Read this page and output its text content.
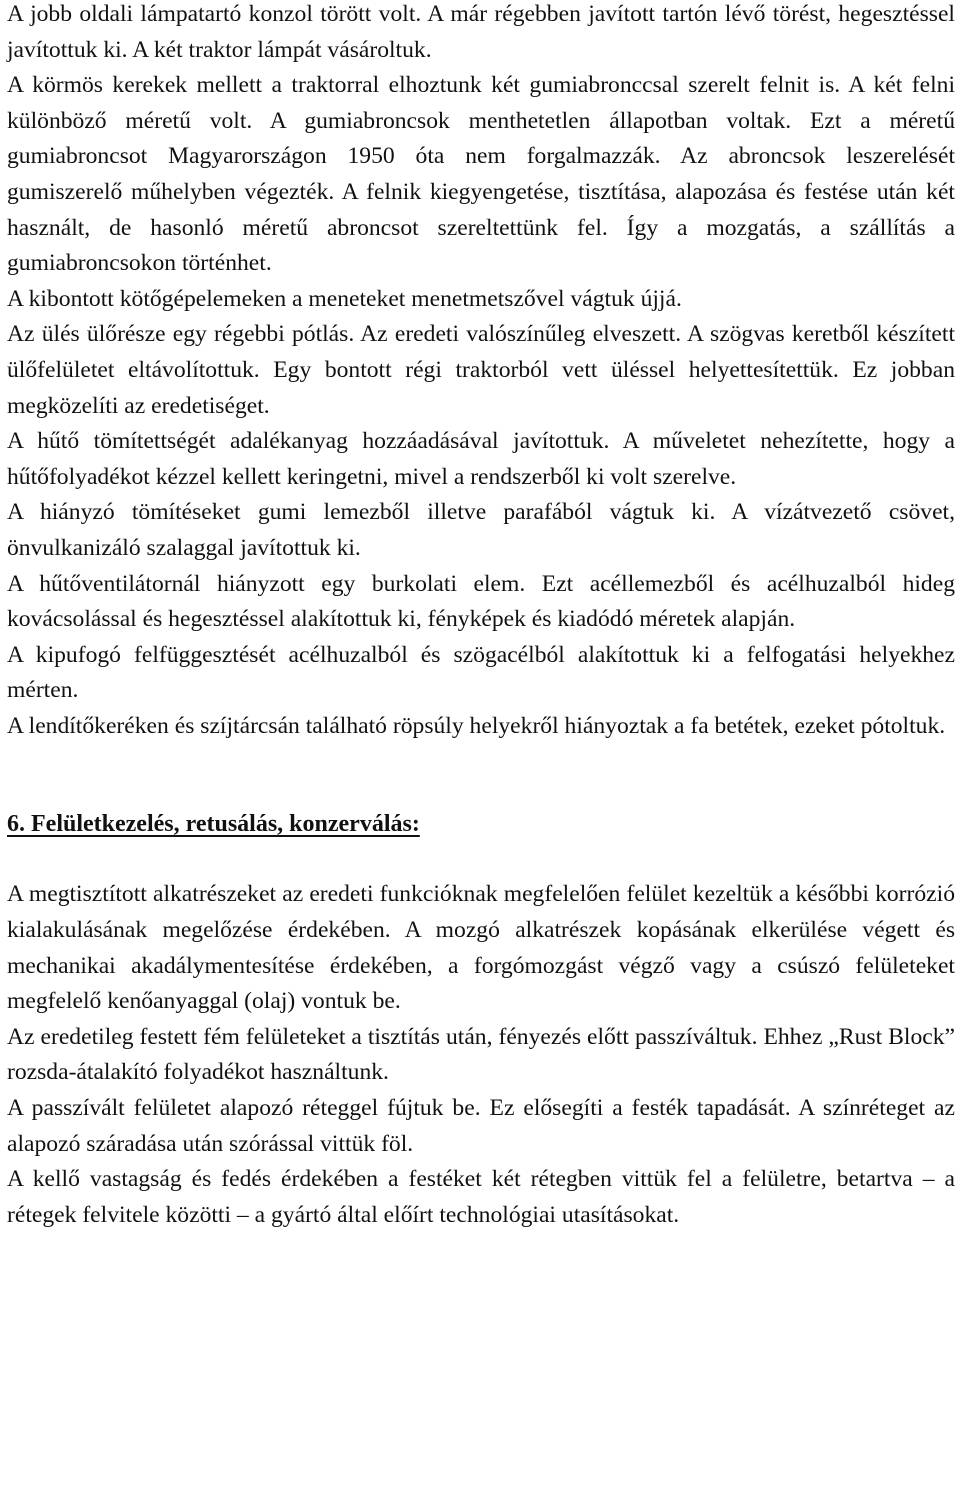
A jobb oldali lámpatartó konzol törött volt. A már régebben javított tartón lévő törést, hegesztéssel javítottuk ki. A két traktor lámpát vásároltuk.

A körmös kerekek mellett a traktorral elhoztunk két gumiabronccsal szerelt felnit is. A két felni különböző méretű volt. A gumiabroncsok menthetetlen állapotban voltak. Ezt a méretű gumiabroncsot Magyarországon 1950 óta nem forgalmazzák. Az abroncsok leszerelését gumiszerelő műhelyben végezték. A felnik kiegyengetése, tisztítása, alapozása és festése után két használt, de hasonló méretű abroncsot szereltettünk fel. Így a mozgatás, a szállítás a gumiabroncsokon történhet.

A kibontott kötőgépelemeken a meneteket menetmetszővel vágtuk újjá.

Az ülés ülőrésze egy régebbi pótlás. Az eredeti valószínűleg elveszett. A szögvas keretből készített ülőfelületet eltávolítottuk. Egy bontott régi traktorból vett üléssel helyettesítettük. Ez jobban megközelíti az eredetiséget.

A hűtő tömítettségét adalékanyag hozzáadásával javítottuk. A műveletet nehezítette, hogy a hűtőfolyadékot kézzel kellett keringetni, mivel a rendszerből ki volt szerelve.

A hiányzó tömítéseket gumi lemezből illetve parafából vágtuk ki. A vízátvezető csövet, önvulkanizáló szalaggal javítottuk ki.

A hűtőventilátornál hiányzott egy burkolati elem. Ezt acéllemezből és acélhuzalból hideg kovácsolással és hegesztéssel alakítottuk ki, fényképek és kiadódó méretek alapján.

A kipufogó felfüggesztését acélhuzalból és szögacélból alakítottuk ki a felfogatási helyekhez mérten.

A lendítőkeréken és szíjtárcsán található röpsúly helyekről hiányoztak a fa betétek, ezeket pótoltuk.

6. Felületkezelés, retusálás, konzerválás:

A megtisztított alkatrészeket az eredeti funkcióknak megfelelően felület kezeltük a későbbi korrózió kialakulásának megelőzése érdekében. A mozgó alkatrészek kopásának elkerülése végett és mechanikai akadálymentesítése érdekében, a forgómozgást végző vagy a csúszó felületeket megfelelő kenőanyaggal (olaj) vontuk be.

Az eredetileg festett fém felületeket a tisztítás után, fényezés előtt passzíváltuk. Ehhez „Rust Block” rozsda-átalakító folyadékot használtunk.

A passzívált felületet alapozó réteggel fújtuk be. Ez elősegíti a festék tapadását. A színréteget az alapozó száradása után szórással vittük föl.

A kellő vastagság és fedés érdekében a festéket két rétegben vittük fel a felületre, betartva – a rétegek felvitele közötti – a gyártó által előírt technológiai utasításokat.
